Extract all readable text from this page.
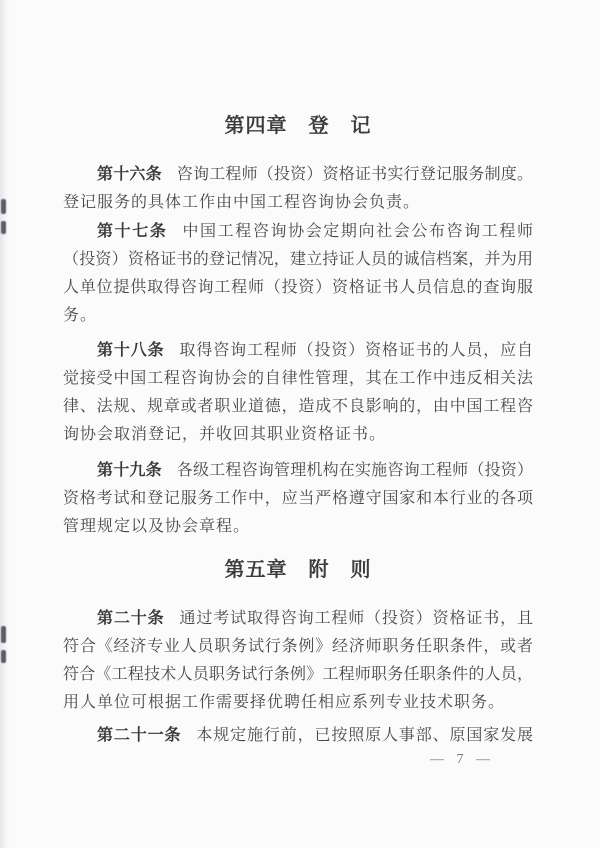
第四章　登　记
第十六条 咨询工程师（投资）资格证书实行登记服务制度。
登记服务的具体工作由中国工程咨询协会负责。
第十七条 中国工程咨询协会定期向社会公布咨询工程师
（投资）资格证书的登记情况，建立持证人员的诚信档案，并为用
人单位提供取得咨询工程师（投资）资格证书人员信息的查询服
务。
第十八条 取得咨询工程师（投资）资格证书的人员，应自
觉接受中国工程咨询协会的自律性管理，其在工作中违反相关法
律、法规、规章或者职业道德，造成不良影响的，由中国工程咨
询协会取消登记，并收回其职业资格证书。
第十九条 各级工程咨询管理机构在实施咨询工程师（投资）
资格考试和登记服务工作中，应当严格遵守国家和本行业的各项
管理规定以及协会章程。
第五章　附　则
第二十条 通过考试取得咨询工程师（投资）资格证书，且
符合《经济专业人员职务试行条例》经济师职务任职条件，或者
符合《工程技术人员职务试行条例》工程师职务任职条件的人员，
用人单位可根据工作需要择优聘任相应系列专业技术职务。
第二十一条 本规定施行前，已按照原人事部、原国家发展
— 7 —
